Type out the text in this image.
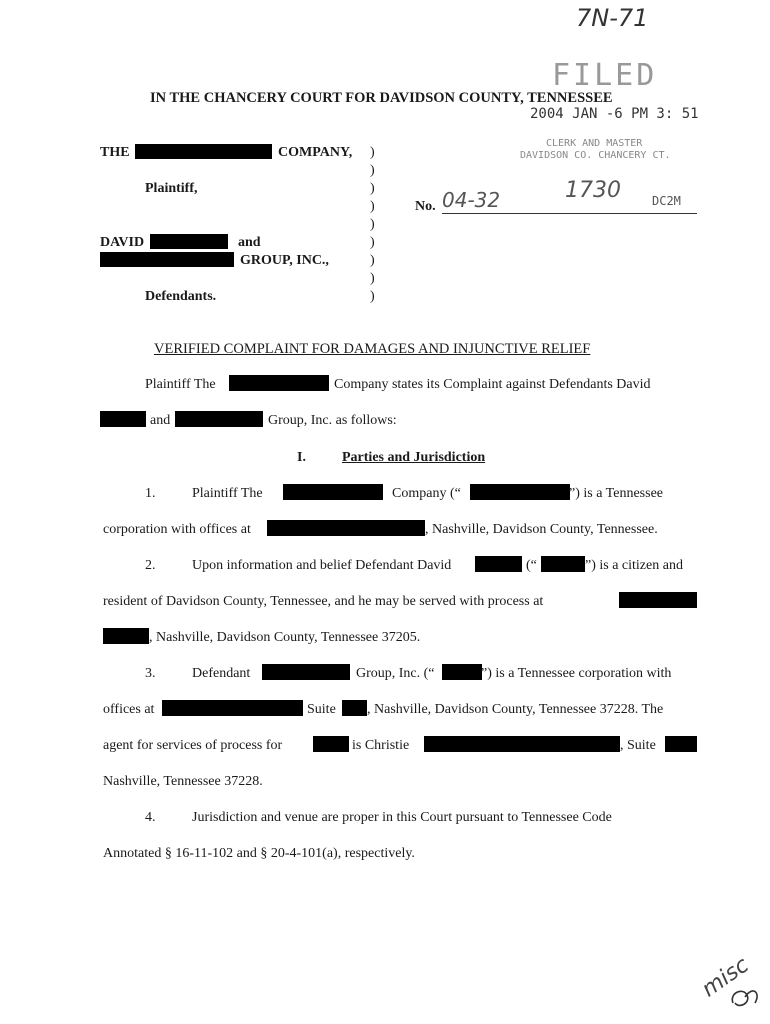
7N-71
FILED
2004 JAN -6 PM 3: 51
CLERK AND MASTER
DAVIDSON CO. CHANCERY CT.
IN THE CHANCERY COURT FOR DAVIDSON COUNTY, TENNESSEE
THE	COMPANY,
Plaintiff,
DAVID	and
GROUP, INC.,
Defendants.
)
)
)
)
)
)
)
)
)
No. 04-32	1730	DC2M
VERIFIED COMPLAINT FOR DAMAGES AND INJUNCTIVE RELIEF
Plaintiff The	Company states its Complaint against Defendants David
and	Group, Inc. as follows:
I.	Parties and Jurisdiction
1.	Plaintiff The	Company (“	”) is a Tennessee
corporation with offices at	, Nashville, Davidson County, Tennessee.
2.	Upon information and belief Defendant David	(“	”) is a citizen and
resident of Davidson County, Tennessee, and he may be served with process at
, Nashville, Davidson County, Tennessee 37205.
3.	Defendant	Group, Inc. (“	”) is a Tennessee corporation with
offices at	Suite , Nashville, Davidson County, Tennessee 37228. The
agent for services of process for	is Christie	, Suite
Nashville, Tennessee 37228.
4.	Jurisdiction and venue are proper in this Court pursuant to Tennessee Code
Annotated § 16-11-102 and § 20-4-101(a), respectively.
misc
